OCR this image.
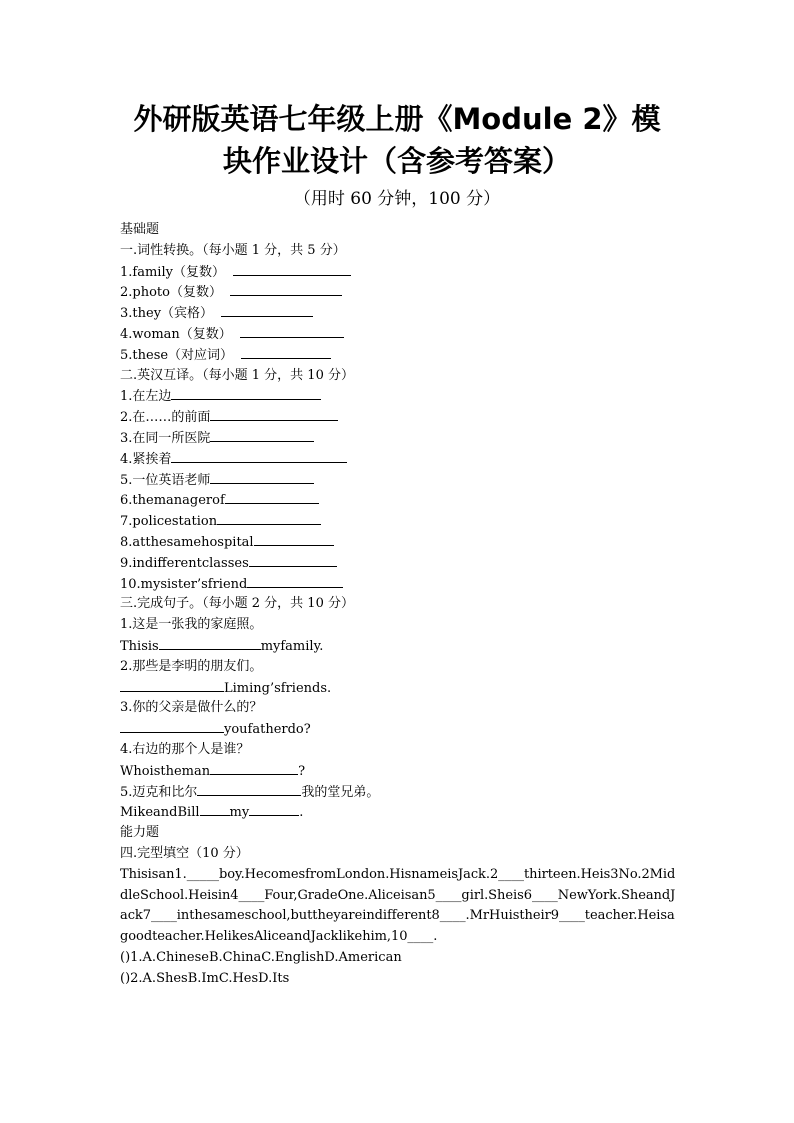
外研版英语七年级上册《Module 2》模
块作业设计（含参考答案）
（用时 60 分钟，100 分）
基础题
一.词性转换。（每小题 1 分，共 5 分）
1.family（复数）
2.photo（复数）
3.they（宾格）
4.woman（复数）
5.these（对应词）
二.英汉互译。（每小题 1 分，共 10 分）
1.在左边
2.在……的前面
3.在同一所医院
4.紧挨着
5.一位英语老师
6.themanagerof
7.policestation
8.atthesamehospital
9.indifferentclasses
10.mysister’sfriend
三.完成句子。（每小题 2 分，共 10 分）
1.这是一张我的家庭照。
Thisis	myfamily.
2.那些是李明的朋友们。
Liming’sfriends.
3.你的父亲是做什么的？
youfatherdo?
4.右边的那个人是谁？
Whoistheman	?
5.迈克和比尔	我的堂兄弟。
MikeandBill my	.
能力题
四.完型填空（10 分）
Thisisan1._____boy.HecomesfromLondon.HisnameisJack.2____thirteen.Heis3No.2MiddleSchool.Heisin4____Four,GradeOne.Aliceisan5____girl.Sheis6____NewYork.SheandJack7____inthesameschool,buttheyareindifferent8____.MrHuistheir9____teacher.Heisagoodteacher.HelikesAliceandJacklikehim,10____.
()1.A.ChineseB.ChinaC.EnglishD.American
()2.A.ShesB.ImC.HesD.Its
